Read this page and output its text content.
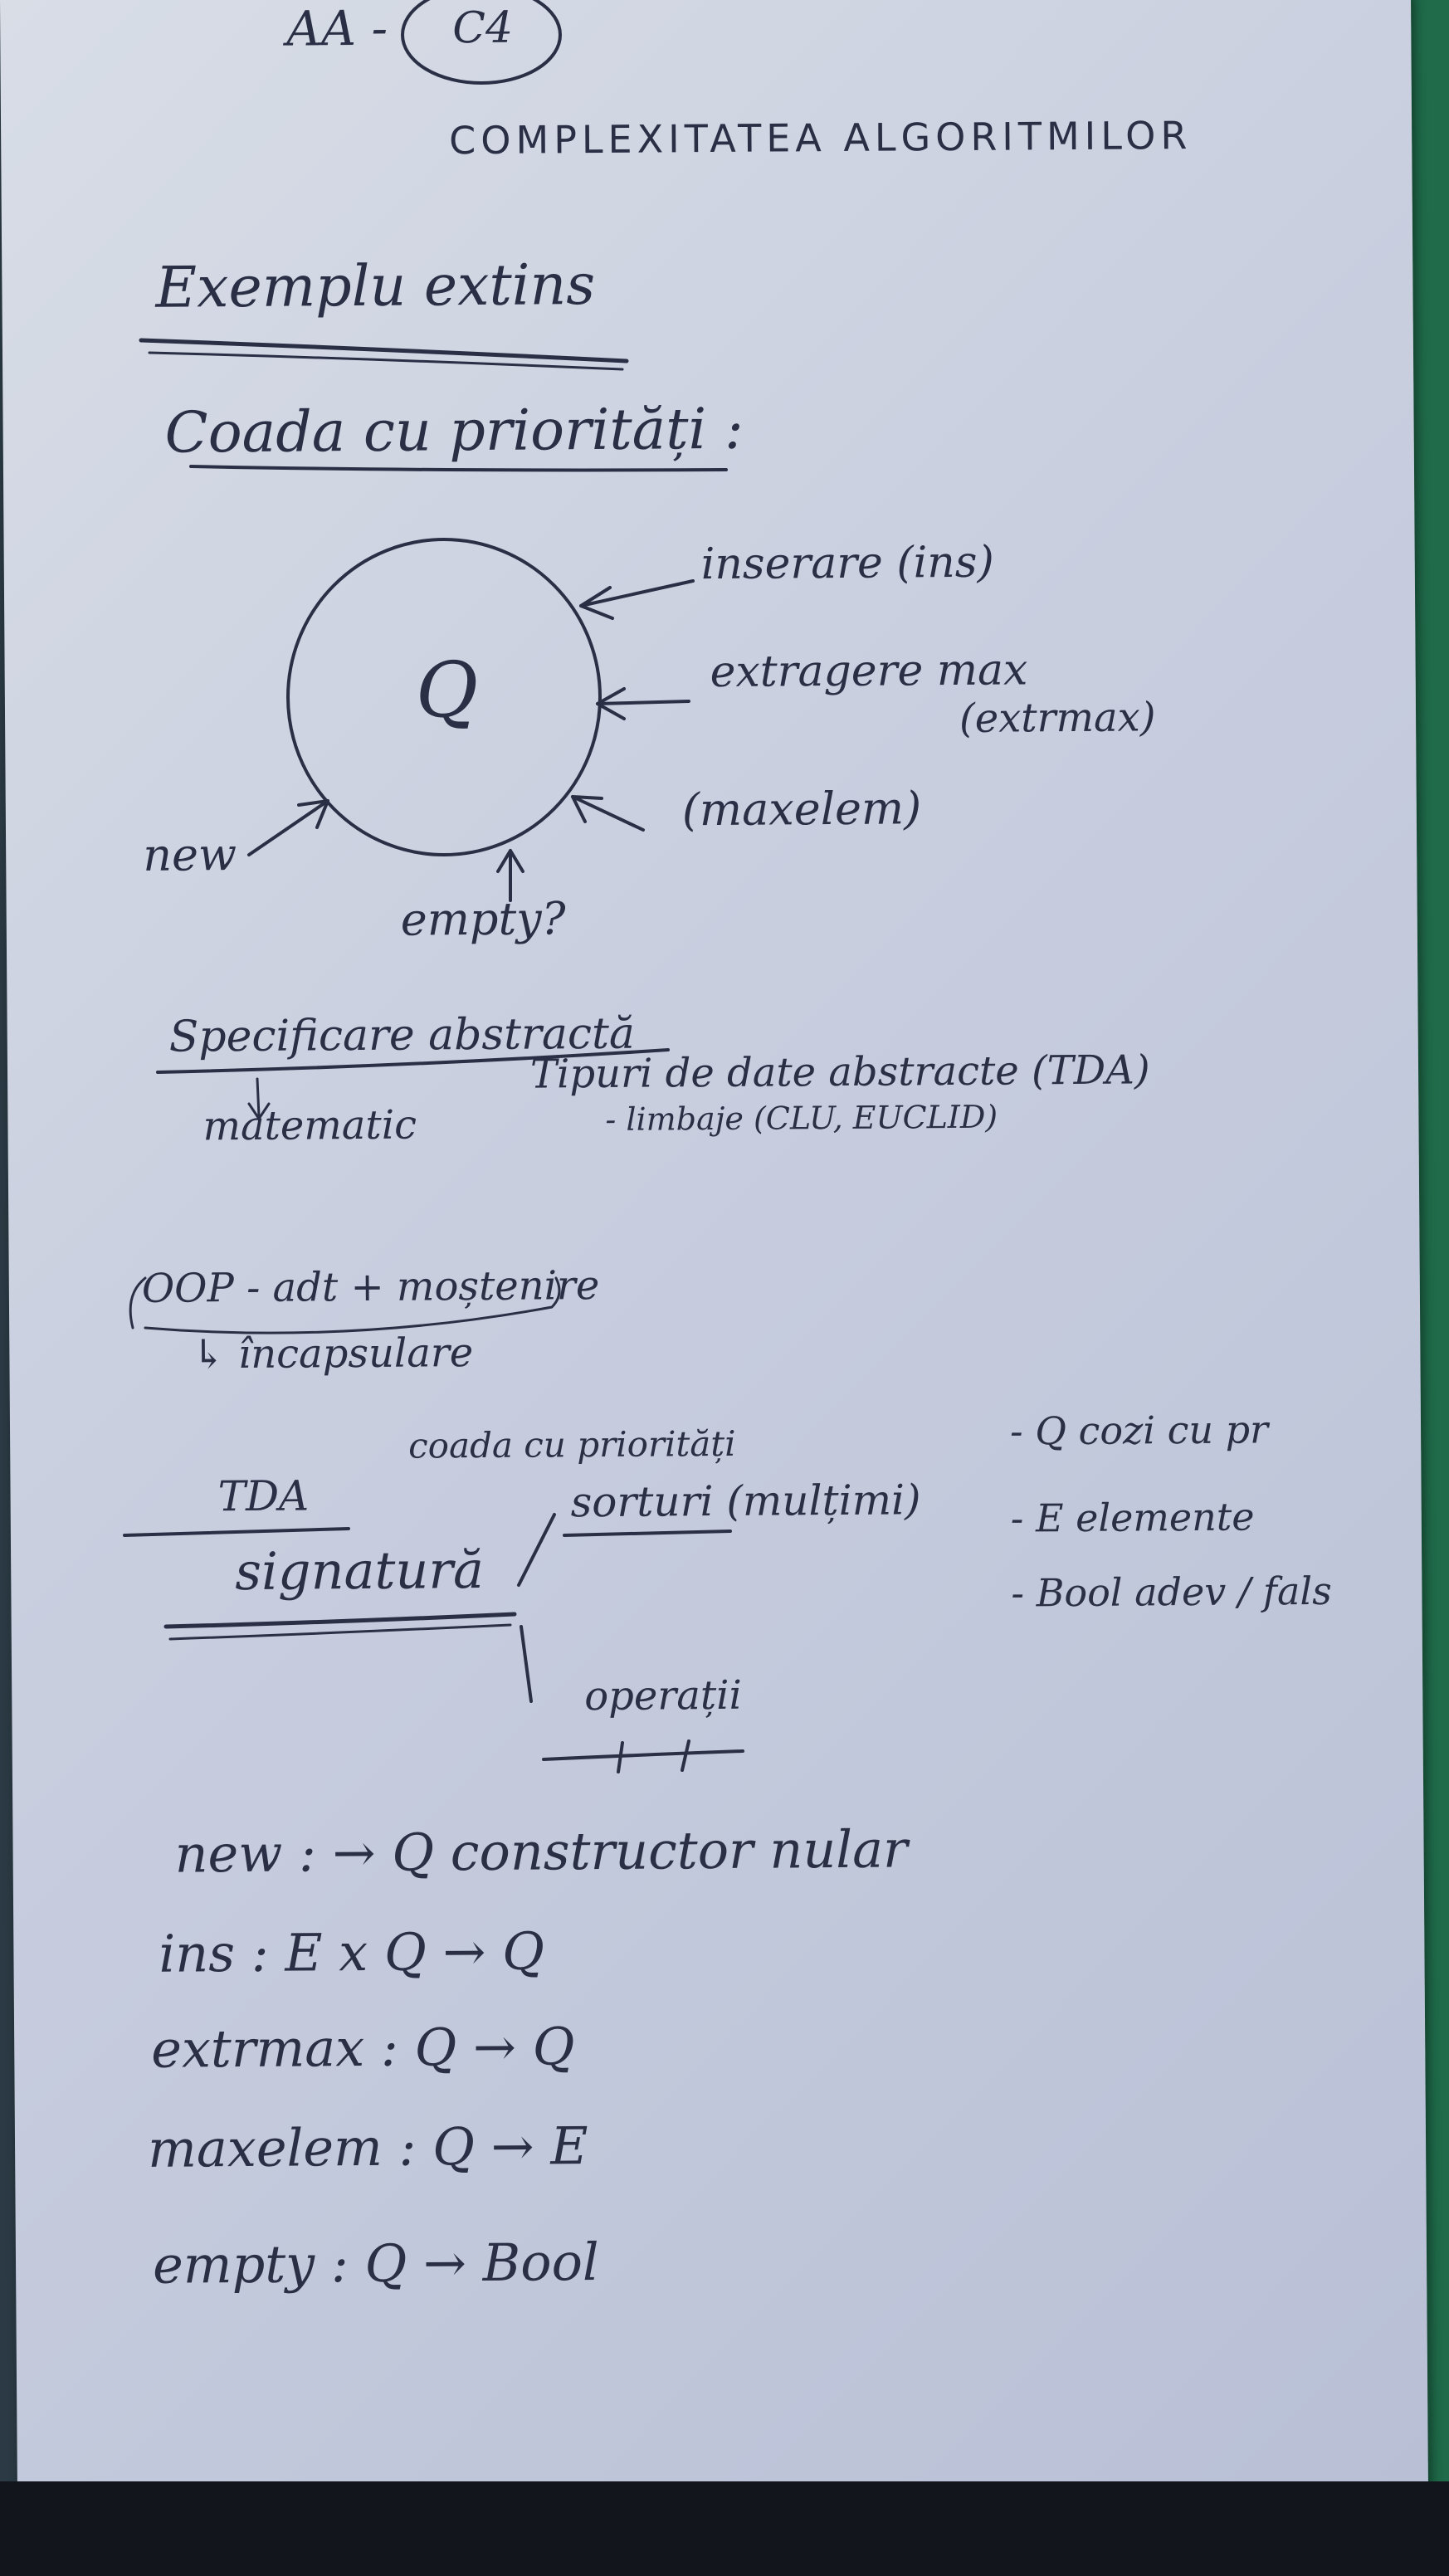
AA - C4
COMPLEXITATEA ALGORITMILOR
Exemplu extins
Coada cu priorități :
Q
inserare (ins)
extragere max
(extrmax)
(maxelem)
new
empty?
Specificare abstractă
matematic
Tipuri de date abstracte (TDA)
- limbaje (CLU, EUCLID)
OOP - adt + moștenire
↳ încapsulare
TDA
coada cu priorități
signatură
sorturi (mulțimi)
operații
- Q cozi cu pr
- E elemente
- Bool adev / fals
new : → Q constructor nular
ins : E x Q → Q
extrmax : Q → Q
maxelem : Q → E
empty : Q → Bool
